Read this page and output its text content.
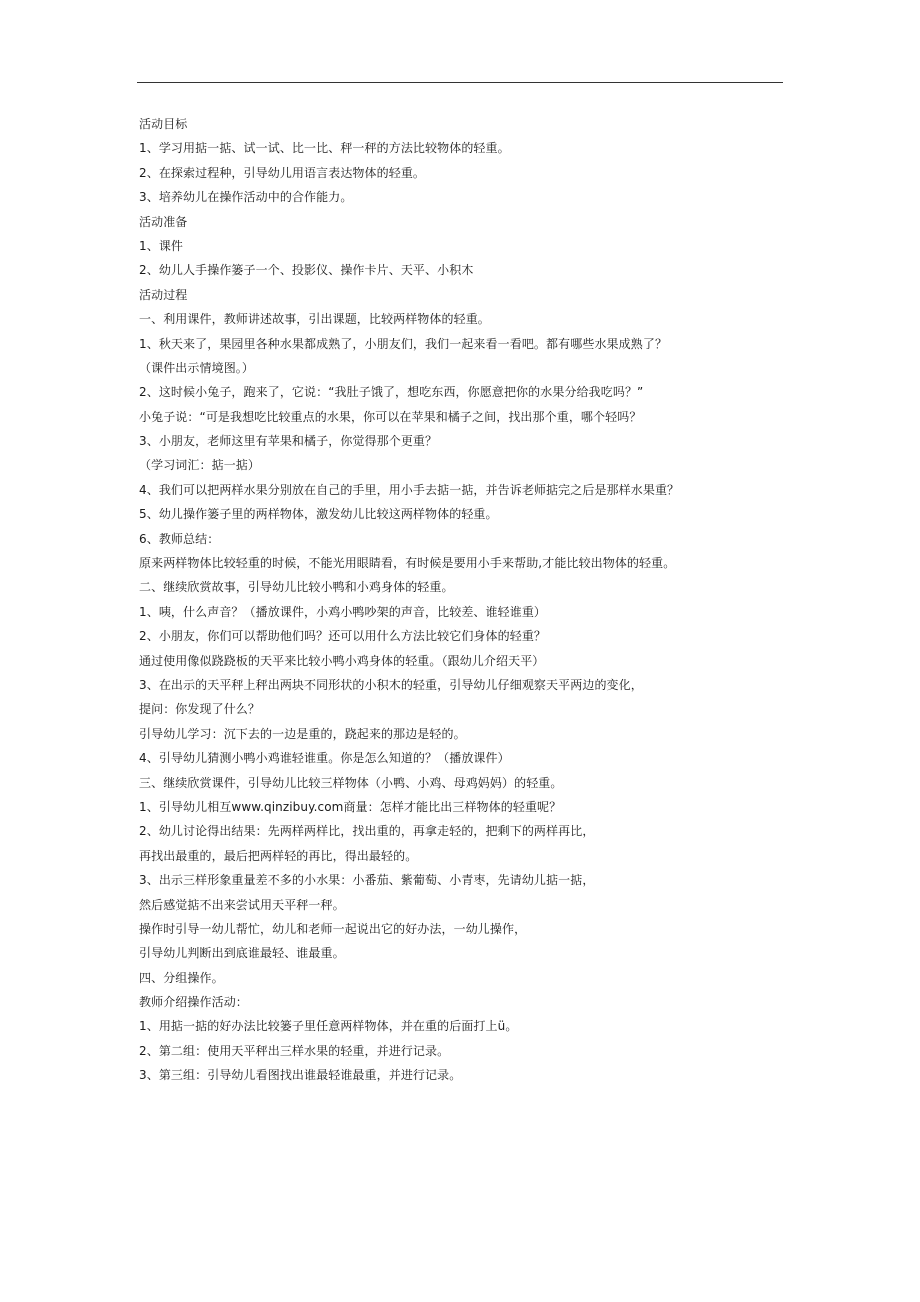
活动目标
1、学习用掂一掂、试一试、比一比、秤一秤的方法比较物体的轻重。
2、在探索过程种，引导幼儿用语言表达物体的轻重。
3、培养幼儿在操作活动中的合作能力。
活动准备
1、课件
2、幼儿人手操作篓子一个、投影仪、操作卡片、天平、小积木
活动过程
一、利用课件，教师讲述故事，引出课题，比较两样物体的轻重。
1、秋天来了，果园里各种水果都成熟了，小朋友们，我们一起来看一看吧。都有哪些水果成熟了？
（课件出示情境图。）
2、这时候小兔子，跑来了，它说：“我肚子饿了，想吃东西，你愿意把你的水果分给我吃吗？”
小兔子说：“可是我想吃比较重点的水果，你可以在苹果和橘子之间，找出那个重，哪个轻吗？
3、小朋友，老师这里有苹果和橘子，你觉得那个更重？
（学习词汇：掂一掂）
4、我们可以把两样水果分别放在自己的手里，用小手去掂一掂，并告诉老师掂完之后是那样水果重？
5、幼儿操作篓子里的两样物体，激发幼儿比较这两样物体的轻重。
6、教师总结：
原来两样物体比较轻重的时候，不能光用眼睛看，有时候是要用小手来帮助,才能比较出物体的轻重。
二、继续欣赏故事，引导幼儿比较小鸭和小鸡身体的轻重。
1、咦，什么声音？（播放课件，小鸡小鸭吵架的声音，比较差、谁轻谁重）
2、小朋友，你们可以帮助他们吗？还可以用什么方法比较它们身体的轻重？
通过使用像似跷跷板的天平来比较小鸭小鸡身体的轻重。（跟幼儿介绍天平）
3、在出示的天平秤上秤出两块不同形状的小积木的轻重，引导幼儿仔细观察天平两边的变化，
提问：你发现了什么？
引导幼儿学习：沉下去的一边是重的，跷起来的那边是轻的。
4、引导幼儿猜测小鸭小鸡谁轻谁重。你是怎么知道的？（播放课件）
三、继续欣赏课件，引导幼儿比较三样物体（小鸭、小鸡、母鸡妈妈）的轻重。
1、引导幼儿相互www.qinzibuy.com商量：怎样才能比出三样物体的轻重呢？
2、幼儿讨论得出结果：先两样两样比，找出重的，再拿走轻的，把剩下的两样再比，
再找出最重的，最后把两样轻的再比，得出最轻的。
3、出示三样形象重量差不多的小水果：小番茄、紫葡萄、小青枣，先请幼儿掂一掂，
然后感觉掂不出来尝试用天平秤一秤。
操作时引导一幼儿帮忙，幼儿和老师一起说出它的好办法，一幼儿操作，
引导幼儿判断出到底谁最轻、谁最重。
四、分组操作。
教师介绍操作活动：
1、用掂一掂的好办法比较篓子里任意两样物体，并在重的后面打上ü。
2、第二组：使用天平秤出三样水果的轻重，并进行记录。
3、第三组：引导幼儿看图找出谁最轻谁最重，并进行记录。
